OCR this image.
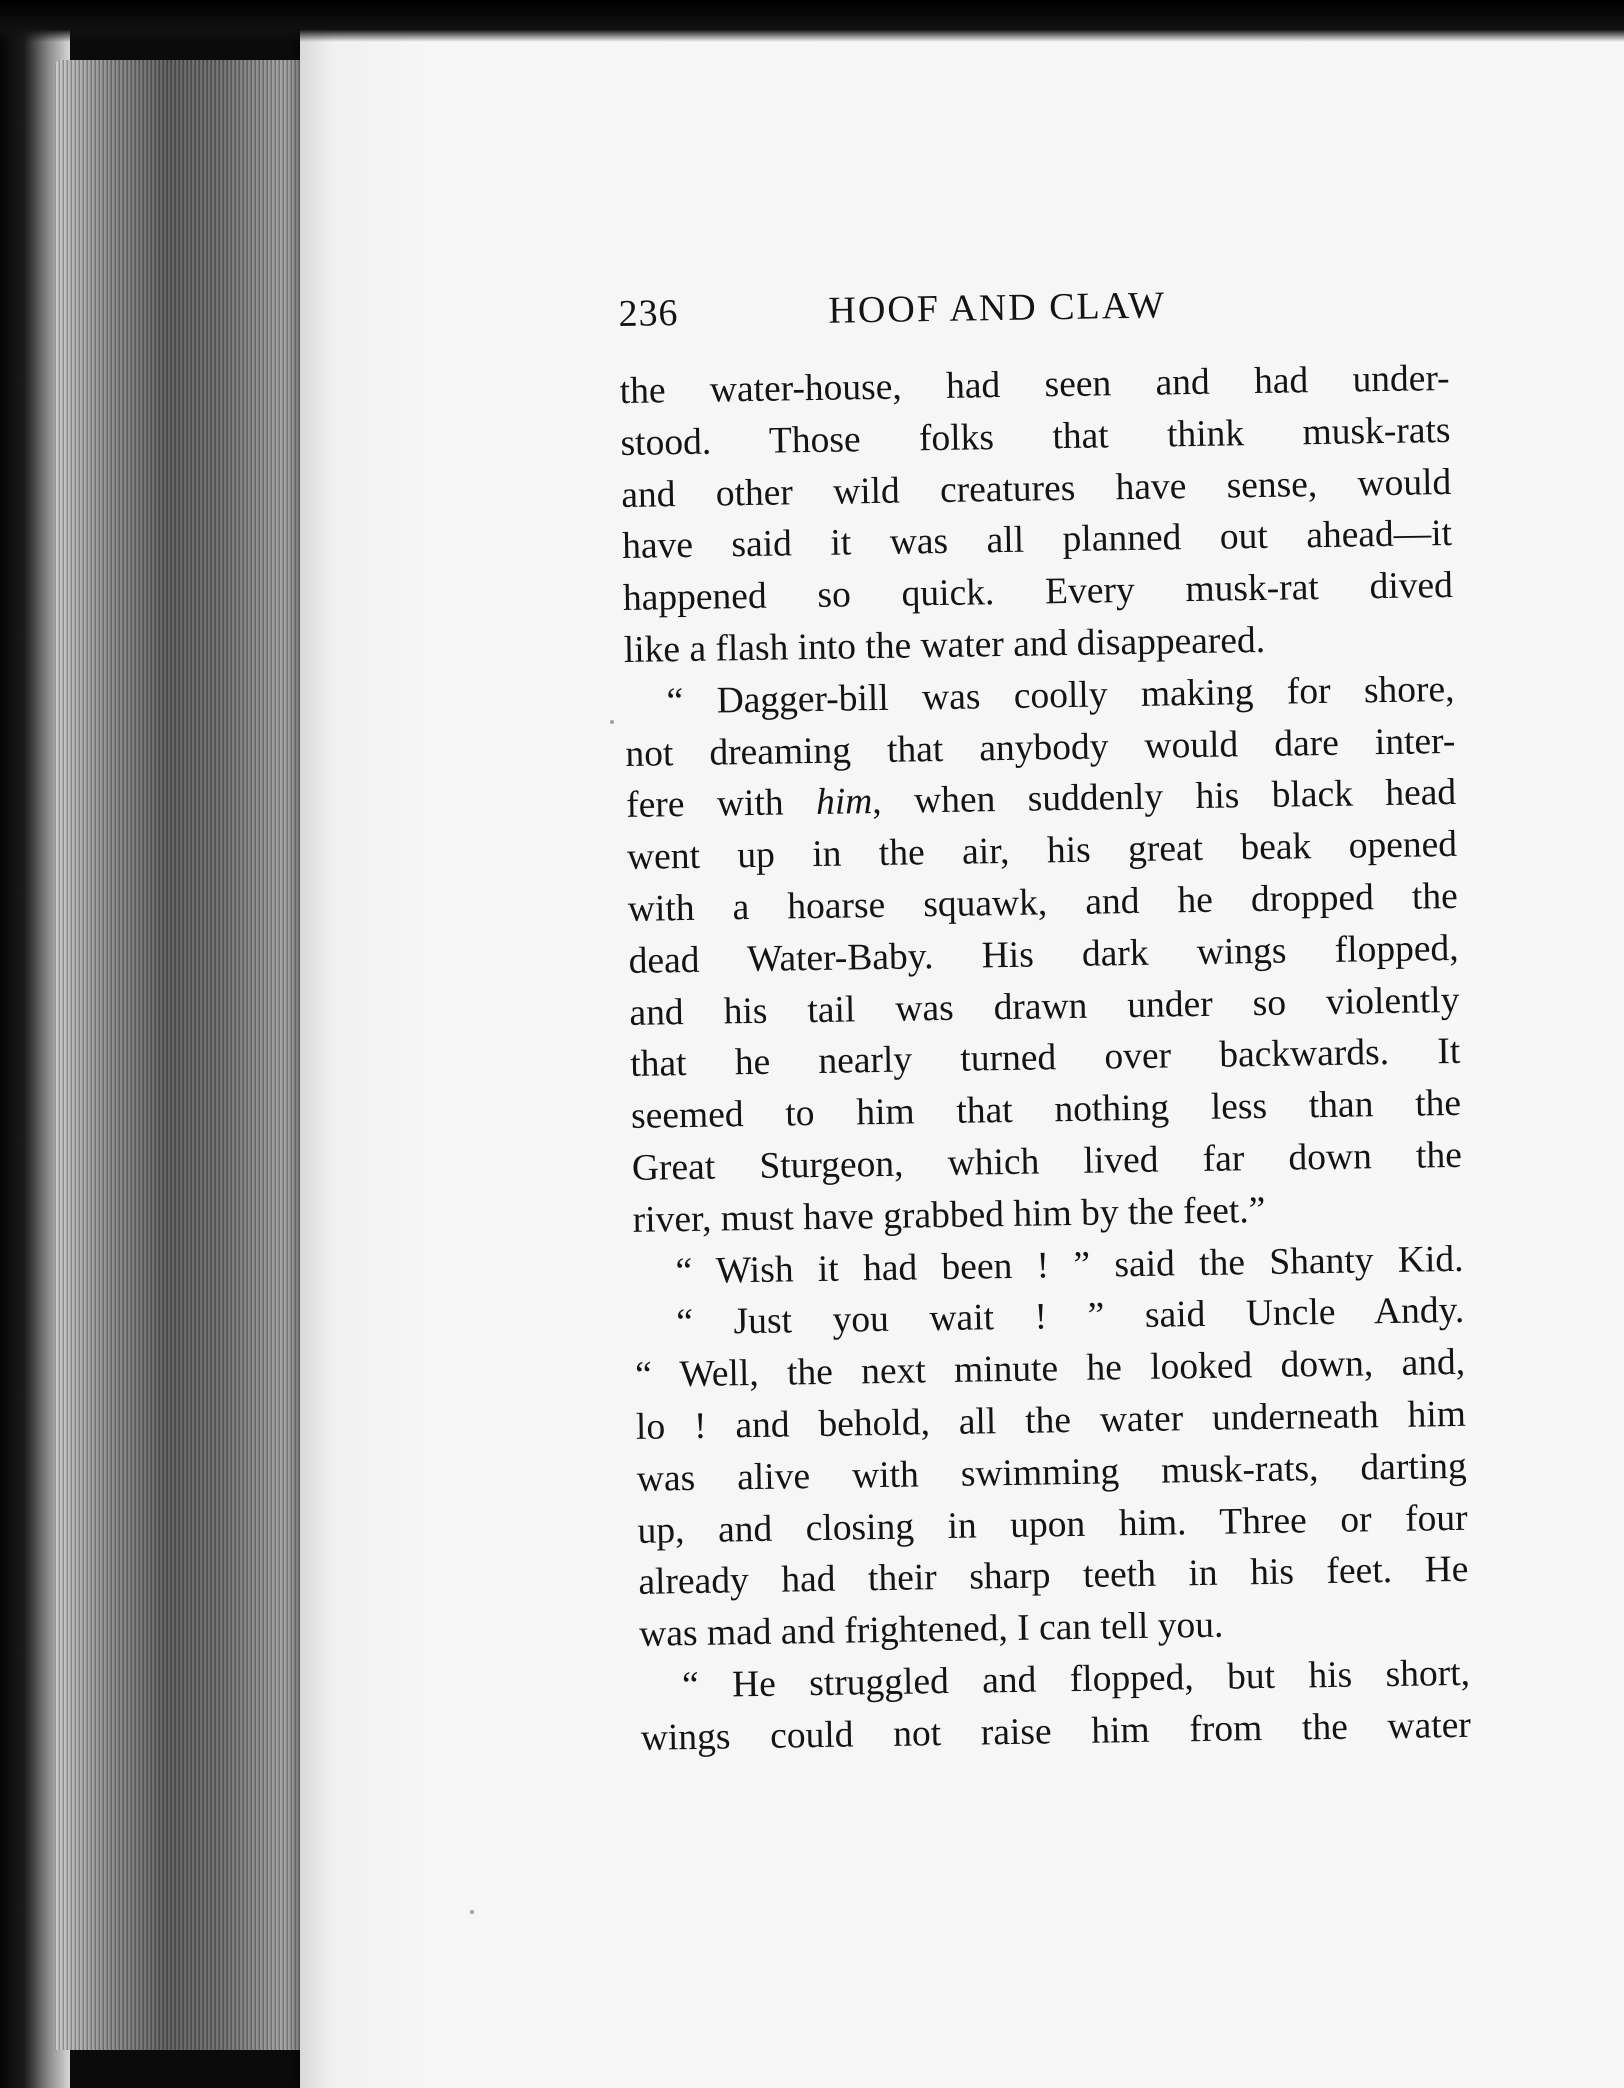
236	HOOF AND CLAW
the water-house, had seen and had under-
stood. Those folks that think musk-rats
and other wild creatures have sense, would
have said it was all planned out ahead—it
happened so quick. Every musk-rat dived
like a flash into the water and disappeared.
“ Dagger-bill was coolly making for shore,
not dreaming that anybody would dare inter-
fere with him, when suddenly his black head
went up in the air, his great beak opened
with a hoarse squawk, and he dropped the
dead Water-Baby. His dark wings flopped,
and his tail was drawn under so violently
that he nearly turned over backwards. It
seemed to him that nothing less than the
Great Sturgeon, which lived far down the
river, must have grabbed him by the feet.”
“ Wish it had been ! ” said the Shanty Kid.
“ Just you wait ! ” said Uncle Andy.
“ Well, the next minute he looked down, and,
lo ! and behold, all the water underneath him
was alive with swimming musk-rats, darting
up, and closing in upon him. Three or four
already had their sharp teeth in his feet. He
was mad and frightened, I can tell you.
“ He struggled and flopped, but his short,
wings could not raise him from the water
